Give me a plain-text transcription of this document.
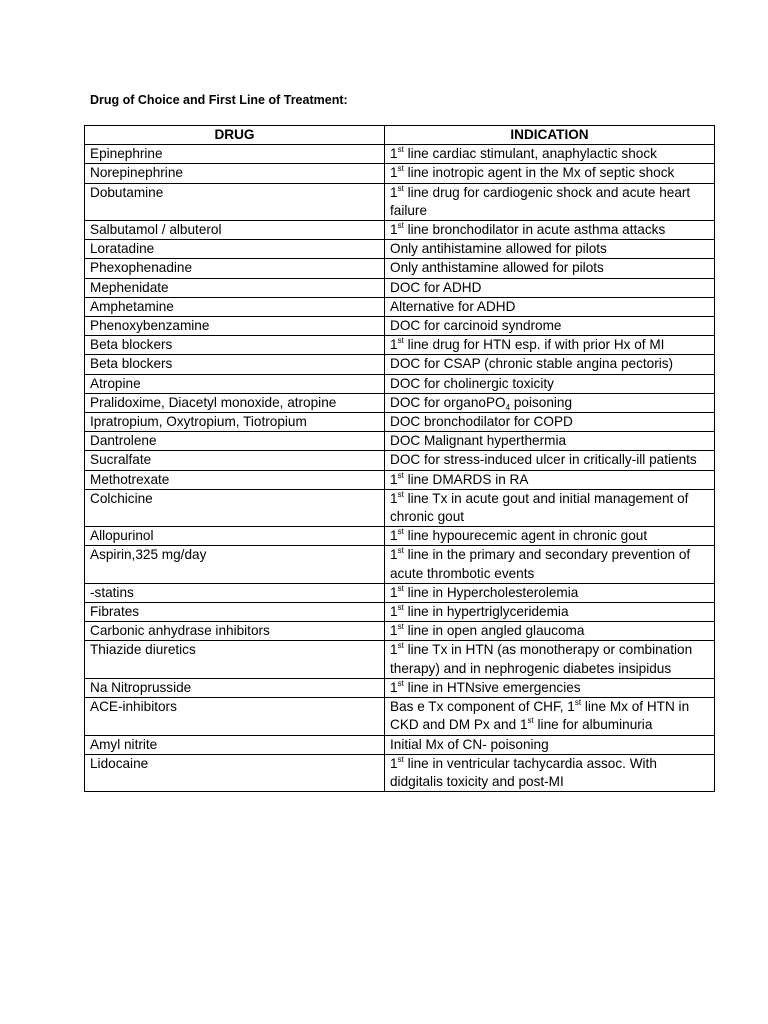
Drug of Choice and First Line of Treatment:
DRUG	INDICATION
Epinephrine	1st line cardiac stimulant, anaphylactic shock
Norepinephrine	1st line inotropic agent in the Mx of septic shock
Dobutamine	1st line drug for cardiogenic shock and acute heart failure
Salbutamol / albuterol	1st line bronchodilator in acute asthma attacks
Loratadine	Only antihistamine allowed for pilots
Phexophenadine	Only anthistamine allowed for pilots
Mephenidate	DOC for ADHD
Amphetamine	Alternative for ADHD
Phenoxybenzamine	DOC for carcinoid syndrome
Beta blockers	1st line drug for HTN esp. if with prior Hx of MI
Beta blockers	DOC for CSAP (chronic stable angina pectoris)
Atropine	DOC for cholinergic toxicity
Pralidoxime, Diacetyl monoxide, atropine	DOC for organoPO$_4$ poisoning
Ipratropium, Oxytropium, Tiotropium	DOC bronchodilator for COPD
Dantrolene	DOC Malignant hyperthermia
Sucralfate	DOC for stress-induced ulcer in critically-ill patients
Methotrexate	1st line DMARDS in RA
Colchicine	1st line Tx in acute gout and initial management of chronic gout
Allopurinol	1st line hypourecemic agent in chronic gout
Aspirin,325 mg/day	1st line in the primary and secondary prevention of acute thrombotic events
-statins	1st line in Hypercholesterolemia
Fibrates	1st line in hypertriglyceridemia
Carbonic anhydrase inhibitors	1st line in open angled glaucoma
Thiazide diuretics	1st line Tx in HTN (as monotherapy or combination therapy) and in nephrogenic diabetes insipidus
Na Nitroprusside	1st line in HTNsive emergencies
ACE-inhibitors	Bas e Tx component of CHF, 1st line Mx of HTN in CKD and DM Px and 1st line for albuminuria
Amyl nitrite	Initial Mx of CN- poisoning
Lidocaine	1st line in ventricular tachycardia assoc. With didgitalis toxicity and post-MI
